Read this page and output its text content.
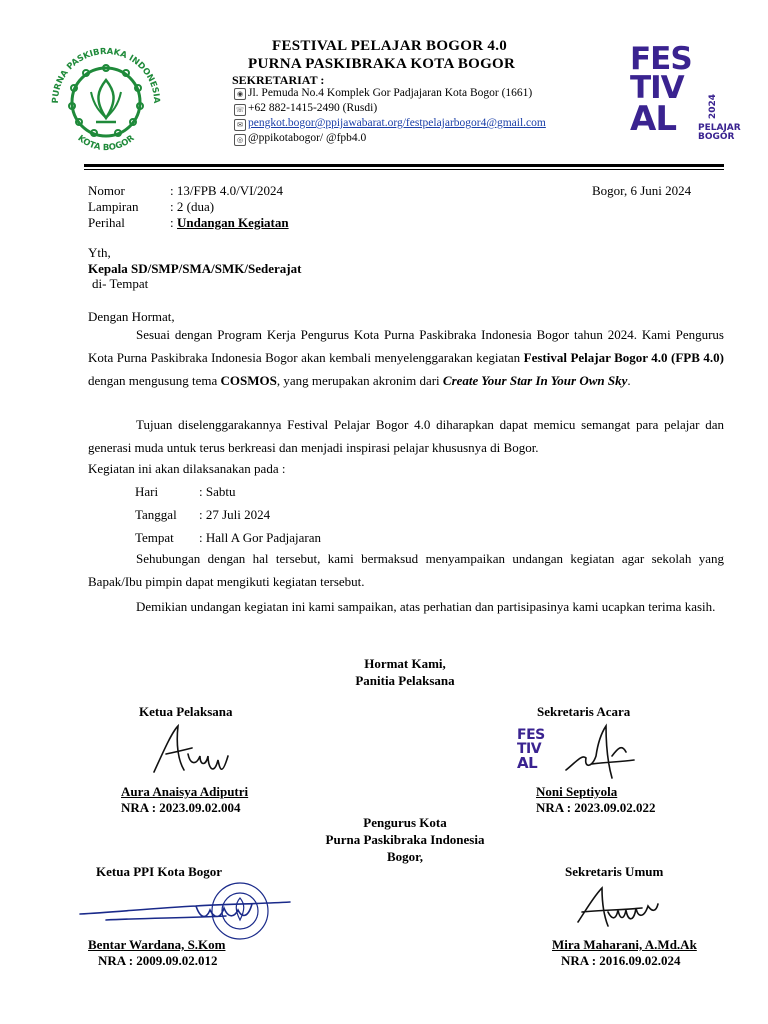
PURNA PASKIBRAKA INDONESIA
KOTA BOGOR
FESTIVAL PELAJAR BOGOR 4.0
PURNA PASKIBRAKA KOTA BOGOR
SEKRETARIAT :
◉ Jl. Pemuda No.4 Komplek Gor Padjajaran Kota Bogor (1661)
☏ +62 882-1415-2490 (Rusdi)
✉ pengkot.bogor@ppijawabarat.org/festpelajarbogor4@gmail.com
◎ @ppikotabogor/ @fpb4.0
FES
TIV
AL	2024
PELAJAR
BOGOR
Nomor	: 13/FPB 4.0/VI/2024	Bogor, 6 Juni 2024
Lampiran : 2 (dua)
Perihal	: Undangan Kegiatan
Yth,
Kepala SD/SMP/SMA/SMK/Sederajat
di- Tempat
Dengan Hormat,
Sesuai dengan Program Kerja Pengurus Kota Purna Paskibraka Indonesia Bogor tahun 2024. Kami Pengurus Kota Purna Paskibraka Indonesia Bogor akan kembali menyelenggarakan kegiatan Festival Pelajar Bogor 4.0 (FPB 4.0) dengan mengusung tema COSMOS, yang merupakan akronim dari Create Your Star In Your Own Sky.
Tujuan diselenggarakannya Festival Pelajar Bogor 4.0 diharapkan dapat memicu semangat para pelajar dan generasi muda untuk terus berkreasi dan menjadi inspirasi pelajar khususnya di Bogor.
Kegiatan ini akan dilaksanakan pada :
Hari	: Sabtu
Tanggal : 27 Juli 2024
Tempat : Hall A Gor Padjajaran
Sehubungan dengan hal tersebut, kami bermaksud menyampaikan undangan kegiatan agar sekolah yang Bapak/Ibu pimpin dapat mengikuti kegiatan tersebut.
Demikian undangan kegiatan ini kami sampaikan, atas perhatian dan partisipasinya kami ucapkan terima kasih.
Hormat Kami,
Panitia Pelaksana
Ketua Pelaksana
Aura Anaisya Adiputri
NRA : 2023.09.02.004
Sekretaris Acara
FES
TIV
AL
Noni Septiyola
NRA : 2023.09.02.022
Pengurus Kota
Purna Paskibraka Indonesia
Bogor,
Ketua PPI Kota Bogor
Bentar Wardana, S.Kom
NRA : 2009.09.02.012
Sekretaris Umum
Mira Maharani, A.Md.Ak
NRA : 2016.09.02.024
